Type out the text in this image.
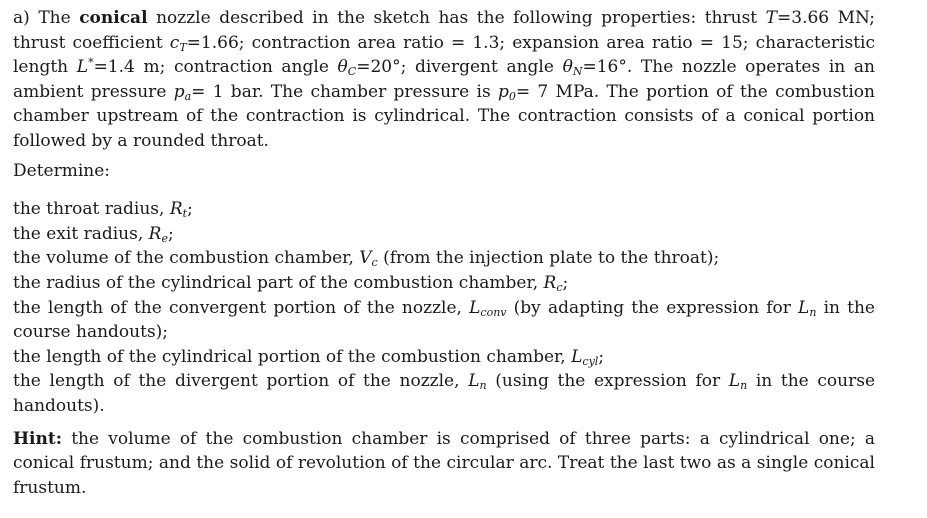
a) The conical nozzle described in the sketch has the following properties: thrust T=3.66 MN; thrust coefficient $c_T=1.66$; contraction area ratio = 1.3; expansion area ratio = 15; characteristic length L*=1.4 m; contraction angle $\theta_C=20^\circ$; divergent angle $\theta_N=16^\circ$. The nozzle operates in an ambient pressure $p_a= 1$ bar. The chamber pressure is $p_0= 7$ MPa. The portion of the combustion chamber upstream of the contraction is cylindrical. The contraction consists of a conical portion followed by a rounded throat.

Determine:

the throat radius, $R_t$;

the exit radius, $R_e$;

the volume of the combustion chamber, $V_c$ (from the injection plate to the throat);

the radius of the cylindrical part of the combustion chamber, $R_c$;

the length of the convergent portion of the nozzle, $L_{conv}$ (by adapting the expression for $L_n$ in the course handouts);

the length of the cylindrical portion of the combustion chamber, $L_{cyl}$;

the length of the divergent portion of the nozzle, $L_n$ (using the expression for $L_n$ in the course handouts).

Hint: the volume of the combustion chamber is comprised of three parts: a cylindrical one; a conical frustum; and the solid of revolution of the circular arc. Treat the last two as a single conical frustum.
